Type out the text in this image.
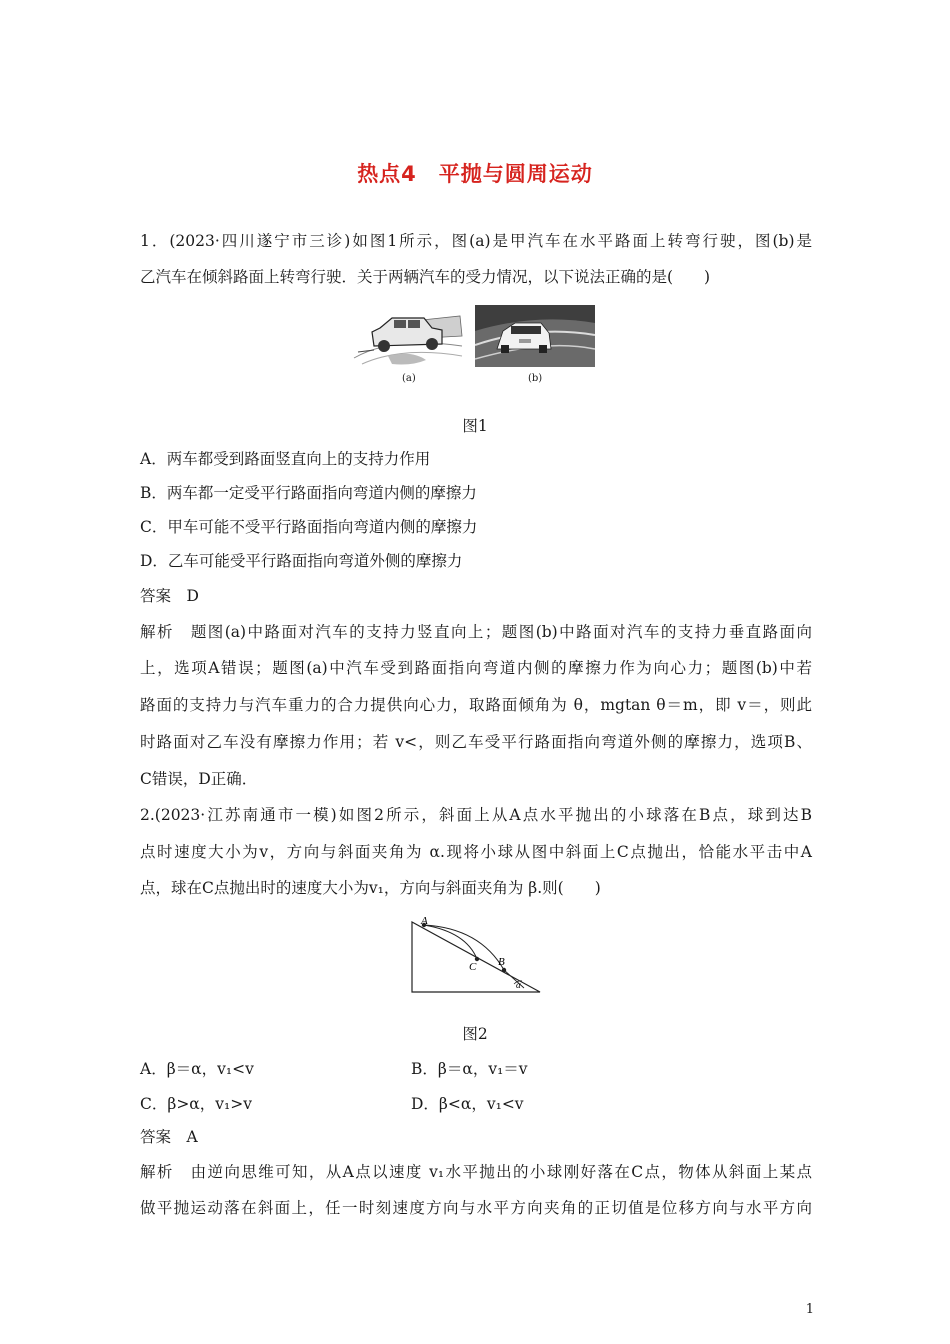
热点4　平抛与圆周运动
1．(2023·四川遂宁市三诊)如图1所示，图(a)是甲汽车在水平路面上转弯行驶，图(b)是
乙汽车在倾斜路面上转弯行驶．关于两辆汽车的受力情况，以下说法正确的是(　　)
(a)	(b)
图1
A．两车都受到路面竖直向上的支持力作用
B．两车都一定受平行路面指向弯道内侧的摩擦力
C．甲车可能不受平行路面指向弯道内侧的摩擦力
D．乙车可能受平行路面指向弯道外侧的摩擦力
答案　D
解析　题图(a)中路面对汽车的支持力竖直向上；题图(b)中路面对汽车的支持力垂直路面向
上，选项A错误；题图(a)中汽车受到路面指向弯道内侧的摩擦力作为向心力；题图(b)中若
路面的支持力与汽车重力的合力提供向心力，取路面倾角为 θ，mgtan θ＝m，即 v＝，则此
时路面对乙车没有摩擦力作用；若 v<，则乙车受平行路面指向弯道外侧的摩擦力，选项B、
C错误，D正确．
2.(2023·江苏南通市一模)如图2所示，斜面上从A点水平抛出的小球落在B点，球到达B
点时速度大小为v，方向与斜面夹角为 α.现将小球从图中斜面上C点抛出，恰能水平击中A
点，球在C点抛出时的速度大小为v₁，方向与斜面夹角为 β.则(　　)
A
C B
α
图2
A．β＝α，v₁<v	B．β＝α，v₁＝v
C．β>α，v₁>v	D．β<α，v₁<v
答案　A
解析　由逆向思维可知，从A点以速度 v₁水平抛出的小球刚好落在C点，物体从斜面上某点
做平抛运动落在斜面上，任一时刻速度方向与水平方向夹角的正切值是位移方向与水平方向
1
